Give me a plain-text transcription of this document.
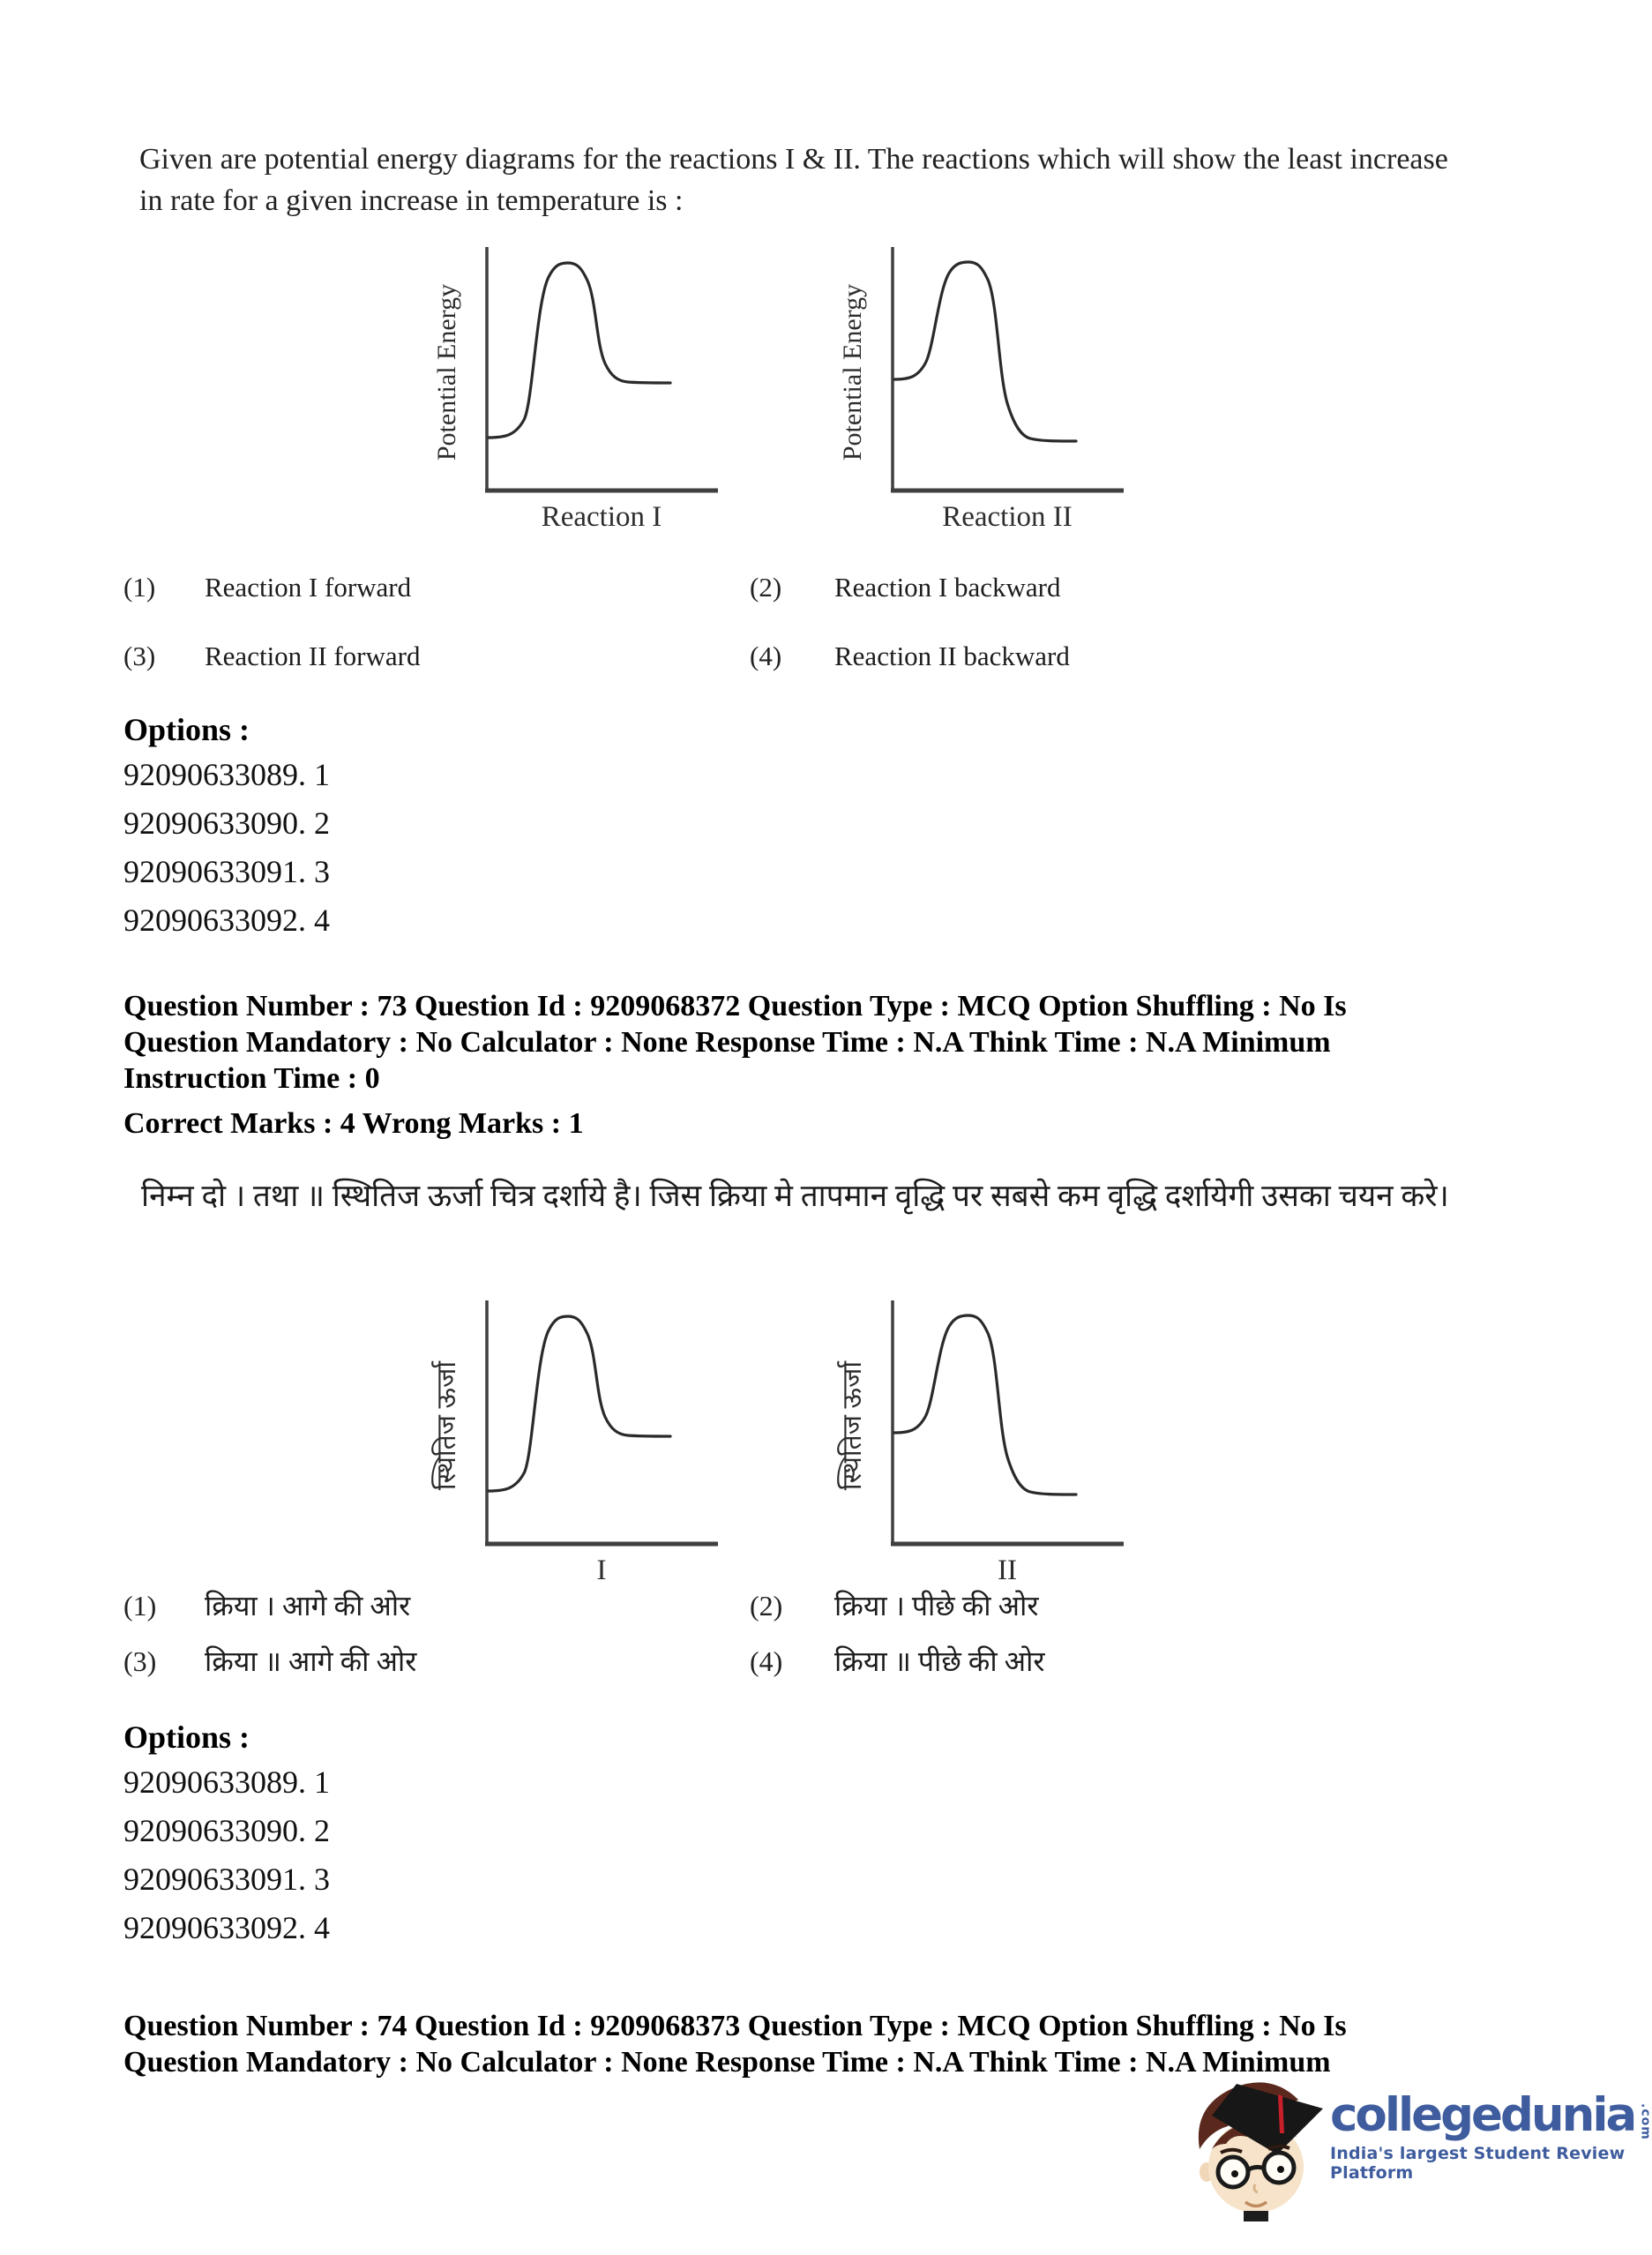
Given are potential energy diagrams for the reactions I & II. The reactions which will show the least increase in rate for a given increase in temperature is :
Potential Energy
Reaction I
Potential Energy
Reaction II
(1)	Reaction I forward	(2)	Reaction I backward
(3)	Reaction II forward	(4)	Reaction II backward
Options :
92090633089. 1
92090633090. 2
92090633091. 3
92090633092. 4
Question Number : 73 Question Id : 9209068372 Question Type : MCQ Option Shuffling : No Is
Question Mandatory : No Calculator : None Response Time : N.A Think Time : N.A Minimum
Instruction Time : 0
Correct Marks : 4 Wrong Marks : 1
निम्न दो । तथा ॥ स्थितिज ऊर्जा चित्र दर्शाये है। जिस क्रिया मे तापमान वृद्धि पर सबसे कम वृद्धि दर्शायेगी उसका चयन करे।
स्थितिज ऊर्जा
I
स्थितिज ऊर्जा
II
(1)	क्रिया । आगे की ओर	(2)	क्रिया । पीछे की ओर
(3)	क्रिया ॥ आगे की ओर	(4)	क्रिया ॥ पीछे की ओर
Options :
92090633089. 1
92090633090. 2
92090633091. 3
92090633092. 4
Question Number : 74 Question Id : 9209068373 Question Type : MCQ Option Shuffling : No Is
Question Mandatory : No Calculator : None Response Time : N.A Think Time : N.A Minimum
collegedunia .com
India's largest Student Review Platform
